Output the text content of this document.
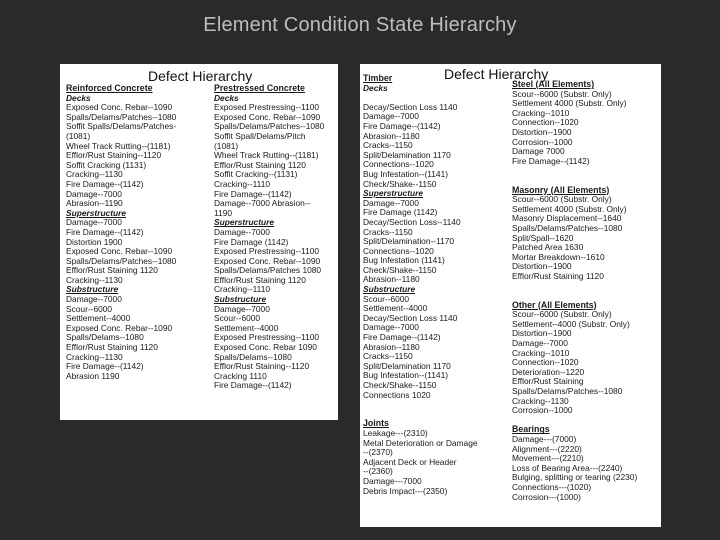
Element Condition State Hierarchy
Defect Hierarchy
Reinforced Concrete
Decks
Exposed Conc. Rebar--1090
Spalls/Delams/Patches--1080
Soffit Spalls/Delams/Patches-
(1081)
Wheel Track Rutting--(1181)
Efflor/Rust Staining--1120
Soffit Cracking (1131)
Cracking--1130
Fire Damage--(1142)
Damage--7000
Abrasion--1190
Superstructure
Damage--7000
Fire Damage--(1142)
Distortion 1900
Exposed Conc. Rebar--1090
Spalls/Delams/Patches--1080
Efflor/Rust Staining 1120
Cracking--1130
Substructure
Damage--7000
Scour--6000
Settlement--4000
Exposed Conc. Rebar--1090
Spalls/Delams--1080
Efflor/Rust Staining 1120
Cracking--1130
Fire Damage--(1142)
Abrasion 1190
Prestressed Concrete
Decks
Exposed Prestressing--1100
Exposed Conc. Rebar--1090
Spalls/Delams/Patches--1080
Soffit Spall/Delams/Pitch
(1081)
Wheel Track Rutting--(1181)
Efflor/Rust Staining 1120
Soffit Cracking--(1131)
Cracking--1110
Fire Damage--(1142)
Damage--7000 Abrasion--
1190
Superstructure
Damage--7000
Fire Damage (1142)
Exposed Prestressing--1100
Exposed Conc. Rebar--1090
Spalls/Delams/Patches 1080
Efflor/Rust Staining 1120
Cracking--1110
Substructure
Damage--7000
Scour--6000
Settlement--4000
Exposed Prestressing--1100
Exposed Conc. Rebar 1090
Spalls/Delams--1080
Efflor/Rust Staining--1120
Cracking 1110
Fire Damage--(1142)
Defect Hierarchy
Timber
Decks
Decay/Section Loss 1140
Damage--7000
Fire Damage--(1142)
Abrasion--1180
Cracks--1150
Split/Delamination 1170
Connections--1020
Bug Infestation--(1141)
Check/Shake--1150
Superstructure
Damage--7000
Fire Damage (1142)
Decay/Section Loss--1140
Cracks--1150
Split/Delamination--1170
Connections--1020
Bug Infestation (1141)
Check/Shake--1150
Abrasion--1180
Substructure
Scour--6000
Settlement--4000
Decay/Section Loss 1140
Damage--7000
Fire Damage--(1142)
Abrasion--1180
Cracks--1150
Split/Delamination 1170
Bug Infestation--(1141)
Check/Shake--1150
Connections 1020
Joints
Leakage---(2310)
Metal Deterioration or Damage
--(2370)
Adjacent Deck or Header
--(2360)
Damage---7000
Debris Impact---(2350)
Steel (All Elements)
Scour--6000 (Substr. Only)
Settlement 4000 (Substr. Only)
Cracking--1010
Connection--1020
Distortion--1900
Corrosion--1000
Damage 7000
Fire Damage--(1142)
Masonry (All Elements)
Scour--6000 (Substr. Only)
Settlement 4000 (Substr. Only)
Masonry Displacement--1640
Spalls/Delams/Patches--1080
Split/Spall--1620
Patched Area 1630
Mortar Breakdown--1610
Distortion--1900
Efflor/Rust Staining 1120
Other (All Elements)
Scour--6000 (Substr. Only)
Settlement--4000 (Substr. Only)
Distortion--1900
Damage--7000
Cracking--1010
Connection--1020
Deterioration--1220
Efflor/Rust Staining
Spalls/Delams/Patches--1080
Cracking--1130
Corrosion--1000
Bearings
Damage---(7000)
Alignment---(2220)
Movement---(2210)
Loss of Bearing Area---(2240)
Bulging, splitting or tearing (2230)
Connections---(1020)
Corrosion---(1000)
